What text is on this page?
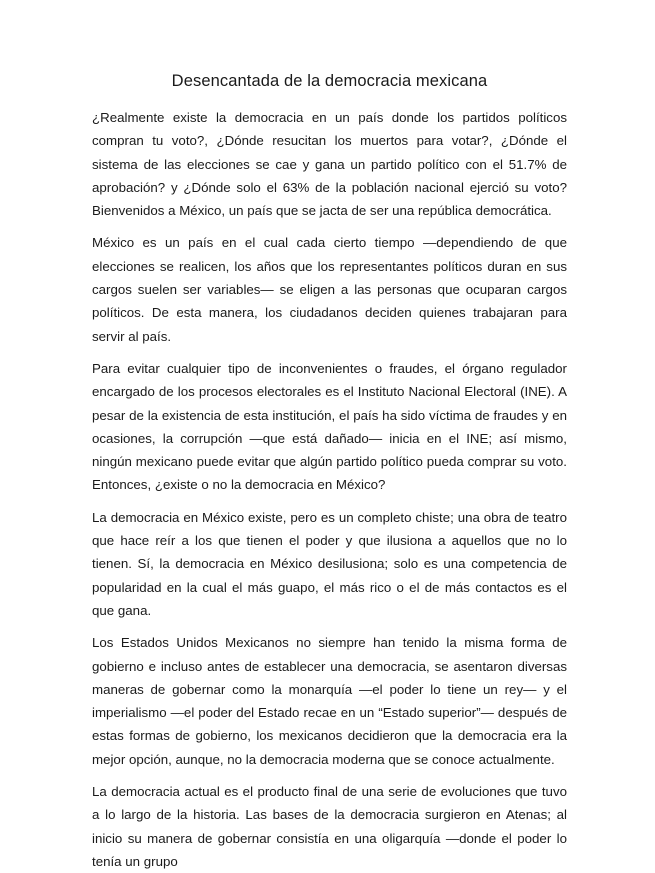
Desencantada de la democracia mexicana

¿Realmente existe la democracia en un país donde los partidos políticos compran tu voto?, ¿Dónde resucitan los muertos para votar?, ¿Dónde el sistema de las elecciones se cae y gana un partido político con el 51.7% de aprobación? y ¿Dónde solo el 63% de la población nacional ejerció su voto? Bienvenidos a México, un país que se jacta de ser una república democrática.

México es un país en el cual cada cierto tiempo —dependiendo de que elecciones se realicen, los años que los representantes políticos duran en sus cargos suelen ser variables— se eligen a las personas que ocuparan cargos políticos. De esta manera, los ciudadanos deciden quienes trabajaran para servir al país.

Para evitar cualquier tipo de inconvenientes o fraudes, el órgano regulador encargado de los procesos electorales es el Instituto Nacional Electoral (INE). A pesar de la existencia de esta institución, el país ha sido víctima de fraudes y en ocasiones, la corrupción —que está dañado— inicia en el INE; así mismo, ningún mexicano puede evitar que algún partido político pueda comprar su voto. Entonces, ¿existe o no la democracia en México?

La democracia en México existe, pero es un completo chiste; una obra de teatro que hace reír a los que tienen el poder y que ilusiona a aquellos que no lo tienen. Sí, la democracia en México desilusiona; solo es una competencia de popularidad en la cual el más guapo, el más rico o el de más contactos es el que gana.

Los Estados Unidos Mexicanos no siempre han tenido la misma forma de gobierno e incluso antes de establecer una democracia, se asentaron diversas maneras de gobernar como la monarquía —el poder lo tiene un rey— y el imperialismo —el poder del Estado recae en un “Estado superior”— después de estas formas de gobierno, los mexicanos decidieron que la democracia era la mejor opción, aunque, no la democracia moderna que se conoce actualmente.

La democracia actual es el producto final de una serie de evoluciones que tuvo a lo largo de la historia. Las bases de la democracia surgieron en Atenas; al inicio su manera de gobernar consistía en una oligarquía —donde el poder lo tenía un grupo
